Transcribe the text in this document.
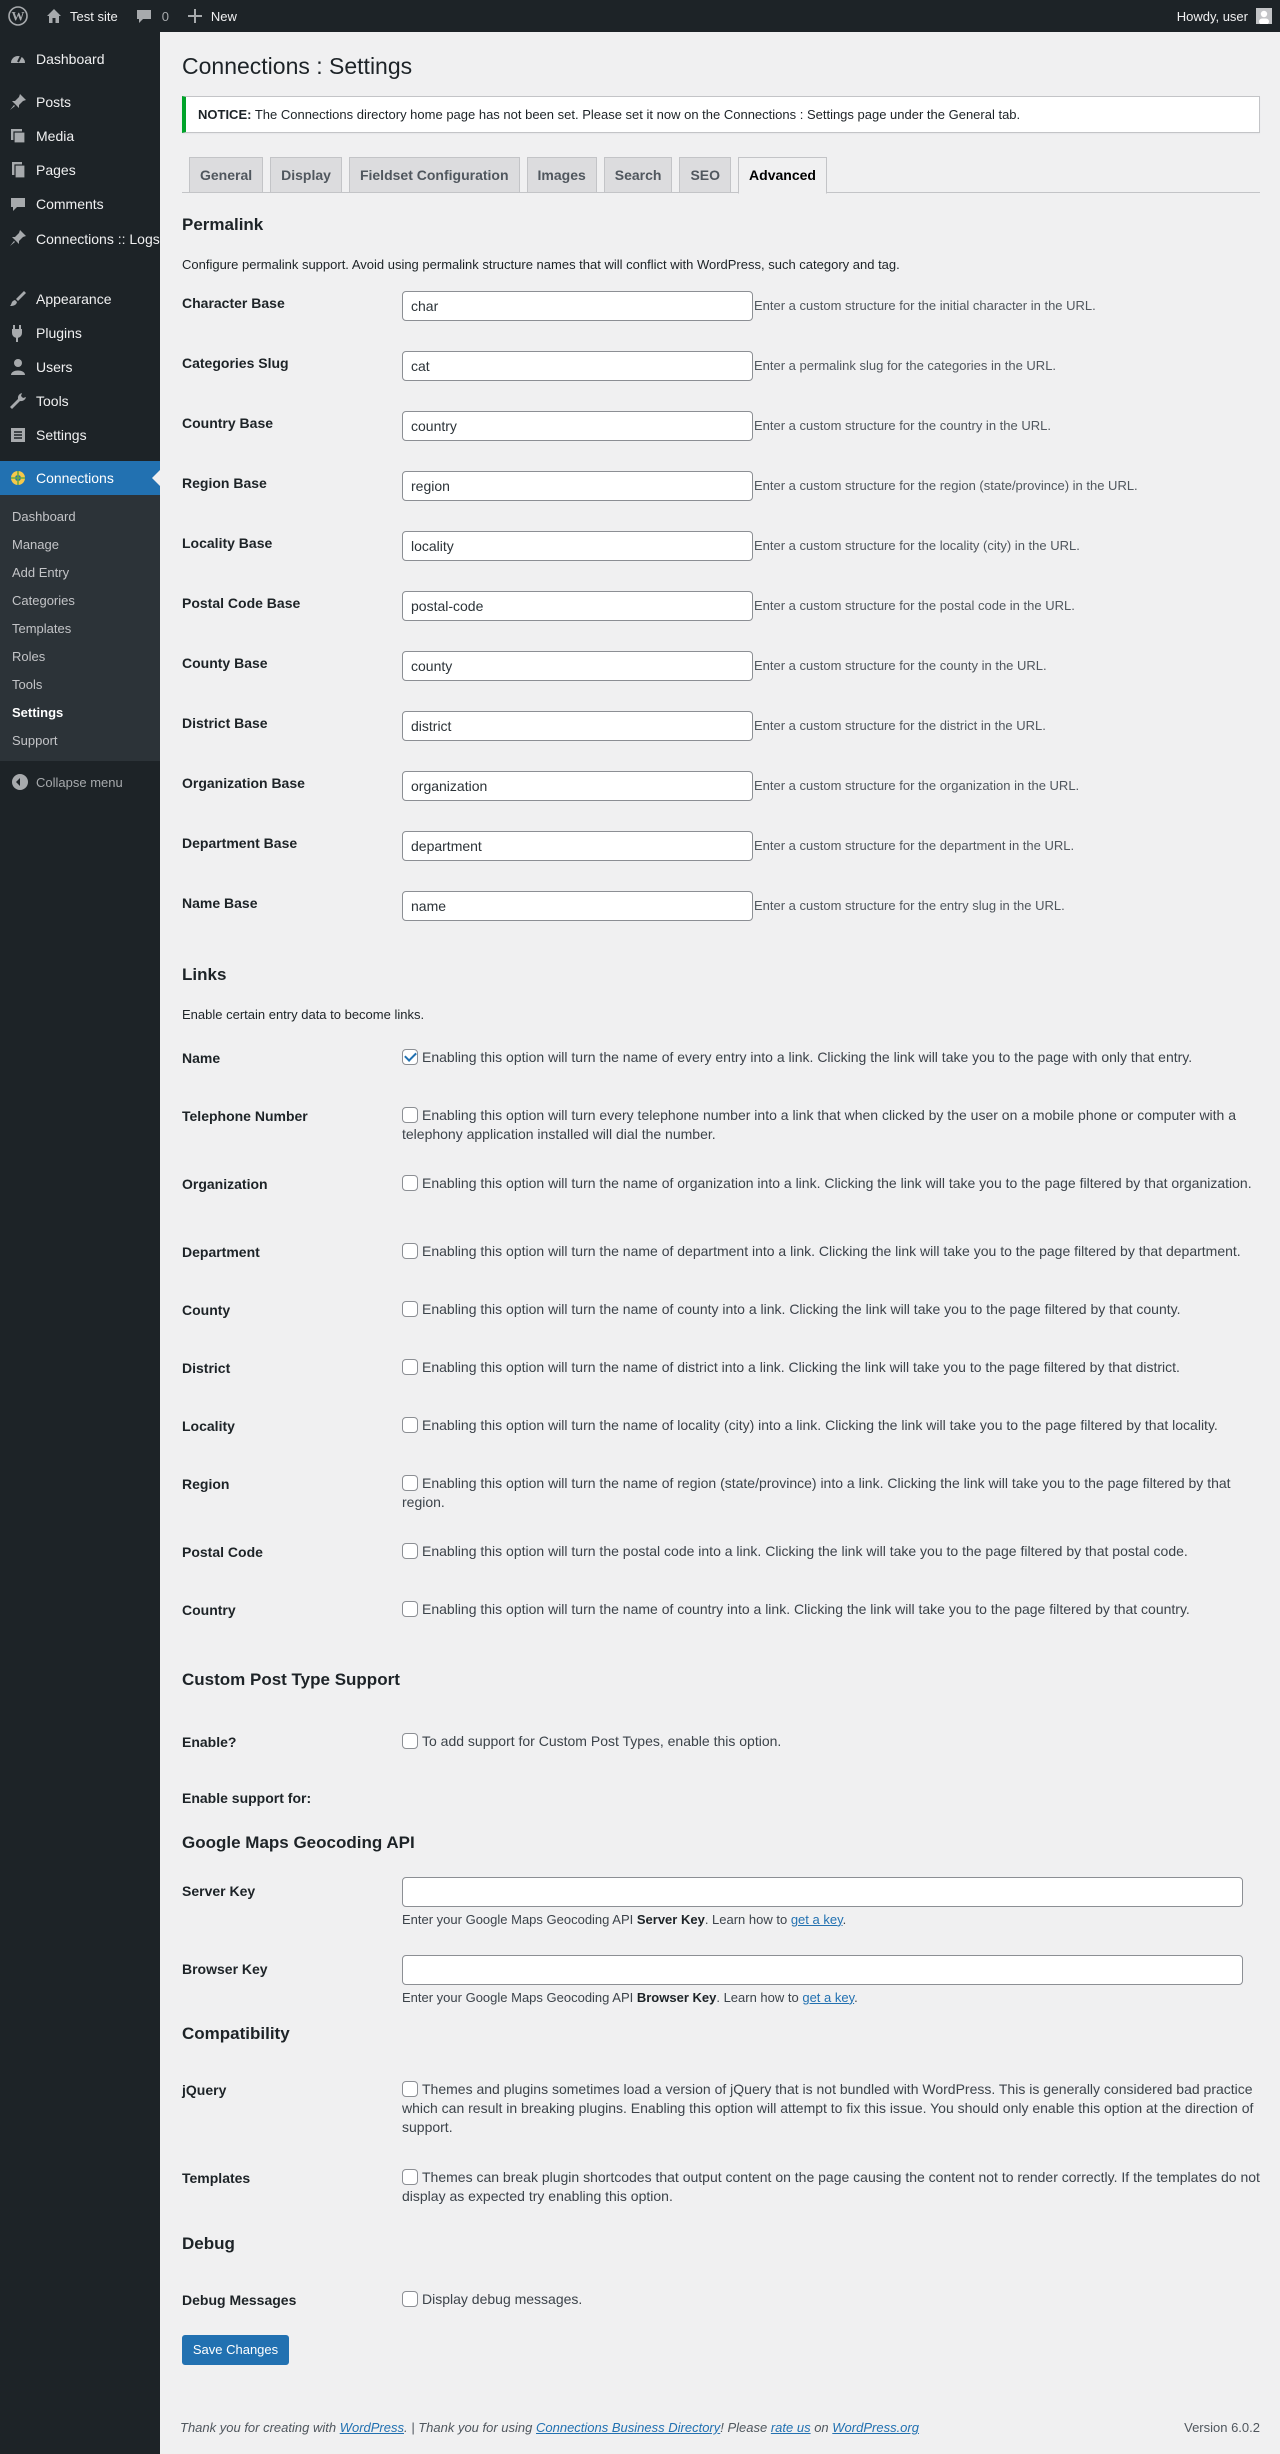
W	Test site	0	New	Howdy, user
Dashboard
Posts
Media
Pages
Comments
Connections :: Logs
Appearance
Plugins
Users
Tools
Settings
Connections
Dashboard
Manage
Add Entry
Categories
Templates
Roles
Tools
Settings
Support
Collapse menu
Connections : Settings
NOTICE: The Connections directory home page has not been set. Please set it now on the Connections : Settings page under the General tab.
General	Display	Fieldset Configuration	Images	Search	SEO	Advanced
Permalink

Configure permalink support. Avoid using permalink structure names that will conflict with WordPress, such category and tag.

Character Base	char	Enter a custom structure for the initial character in the URL.
Categories Slug	cat	Enter a permalink slug for the categories in the URL.
Country Base	country	Enter a custom structure for the country in the URL.
Region Base	region	Enter a custom structure for the region (state/province) in the URL.
Locality Base	locality	Enter a custom structure for the locality (city) in the URL.
Postal Code Base	postal-code	Enter a custom structure for the postal code in the URL.
County Base	county	Enter a custom structure for the county in the URL.
District Base	district	Enter a custom structure for the district in the URL.
Organization Base	organization	Enter a custom structure for the organization in the URL.
Department Base	department	Enter a custom structure for the department in the URL.
Name Base	name	Enter a custom structure for the entry slug in the URL.
Links

Enable certain entry data to become links.

Name	Enabling this option will turn the name of every entry into a link. Clicking the link will take you to the page with only that entry.
Telephone Number	Enabling this option will turn every telephone number into a link that when clicked by the user on a mobile phone or computer with a telephony application installed will dial the number.
Organization	Enabling this option will turn the name of organization into a link. Clicking the link will take you to the page filtered by that organization.
Department	Enabling this option will turn the name of department into a link. Clicking the link will take you to the page filtered by that department.
County	Enabling this option will turn the name of county into a link. Clicking the link will take you to the page filtered by that county.
District	Enabling this option will turn the name of district into a link. Clicking the link will take you to the page filtered by that district.
Locality	Enabling this option will turn the name of locality (city) into a link. Clicking the link will take you to the page filtered by that locality.
Region	Enabling this option will turn the name of region (state/province) into a link. Clicking the link will take you to the page filtered by that region.
Postal Code	Enabling this option will turn the postal code into a link. Clicking the link will take you to the page filtered by that postal code.
Country	Enabling this option will turn the name of country into a link. Clicking the link will take you to the page filtered by that country.
Custom Post Type Support
Enable?	To add support for Custom Post Types, enable this option.
Enable support for:
Google Maps Geocoding API
Server Key
Enter your Google Maps Geocoding API Server Key. Learn how to get a key.
Browser Key
Enter your Google Maps Geocoding API Browser Key. Learn how to get a key.
Compatibility
jQuery	Themes and plugins sometimes load a version of jQuery that is not bundled with WordPress. This is generally considered bad practice which can result in breaking plugins. Enabling this option will attempt to fix this issue. You should only enable this option at the direction of support.
Templates	Themes can break plugin shortcodes that output content on the page causing the content not to render correctly. If the templates do not display as expected try enabling this option.
Debug
Debug Messages	Display debug messages.
Save Changes
Thank you for creating with WordPress. | Thank you for using Connections Business Directory! Please rate us on WordPress.org	Version 6.0.2
